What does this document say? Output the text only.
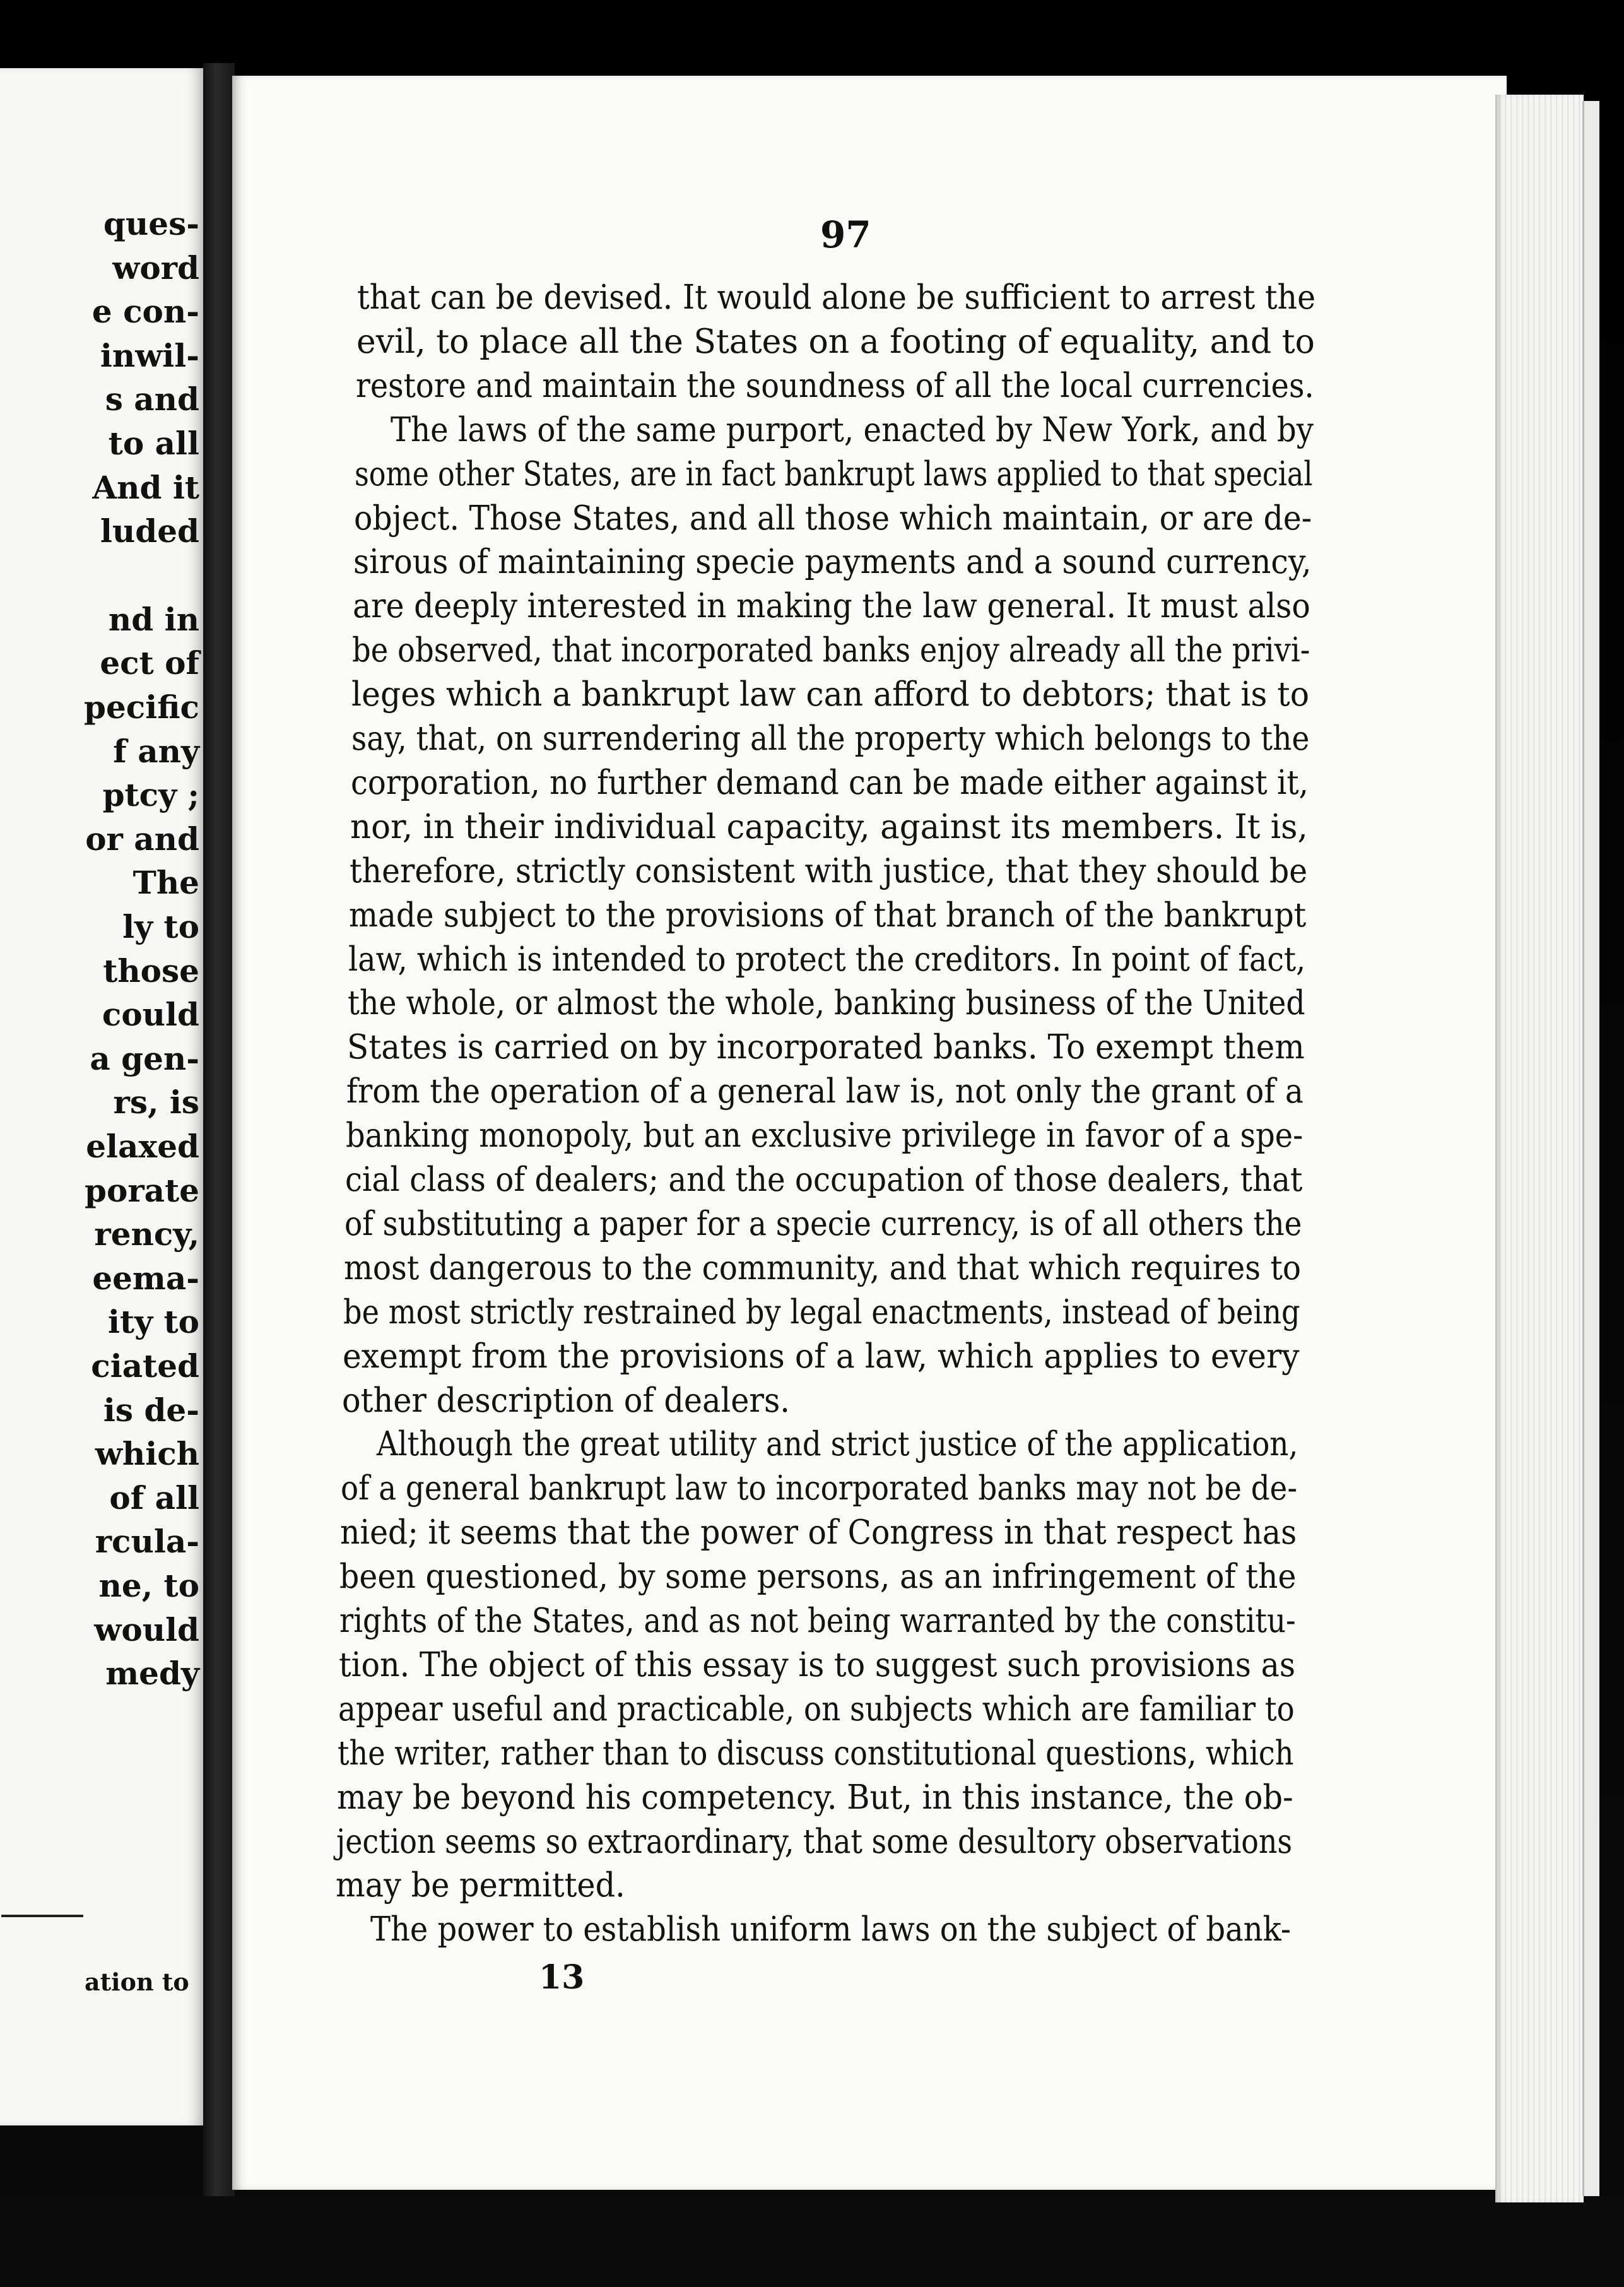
ques-
word
e con-
inwil-
s and
to all
And it
luded
nd in
ect of
pecific
f any
ptcy ;
or and
The
ly to
those
could
a gen-
rs, is
elaxed
porate
rency,
eema-
ity to
ciated
is de-
which
of all
rcula-
ne, to
would
medy
ation to
97
that can be devised. It would alone be sufficient to arrest the
evil, to place all the States on a footing of equality, and to
restore and maintain the soundness of all the local currencies.
The laws of the same purport, enacted by New York, and by
some other States, are in fact bankrupt laws applied to that special
object. Those States, and all those which maintain, or are de-
sirous of maintaining specie payments and a sound currency,
are deeply interested in making the law general. It must also
be observed, that incorporated banks enjoy already all the privi-
leges which a bankrupt law can afford to debtors; that is to
say, that, on surrendering all the property which belongs to the
corporation, no further demand can be made either against it,
nor, in their individual capacity, against its members. It is,
therefore, strictly consistent with justice, that they should be
made subject to the provisions of that branch of the bankrupt
law, which is intended to protect the creditors. In point of fact,
the whole, or almost the whole, banking business of the United
States is carried on by incorporated banks. To exempt them
from the operation of a general law is, not only the grant of a
banking monopoly, but an exclusive privilege in favor of a spe-
cial class of dealers; and the occupation of those dealers, that
of substituting a paper for a specie currency, is of all others the
most dangerous to the community, and that which requires to
be most strictly restrained by legal enactments, instead of being
exempt from the provisions of a law, which applies to every
other description of dealers.
Although the great utility and strict justice of the application,
of a general bankrupt law to incorporated banks may not be de-
nied; it seems that the power of Congress in that respect has
been questioned, by some persons, as an infringement of the
rights of the States, and as not being warranted by the constitu-
tion. The object of this essay is to suggest such provisions as
appear useful and practicable, on subjects which are familiar to
the writer, rather than to discuss constitutional questions, which
may be beyond his competency. But, in this instance, the ob-
jection seems so extraordinary, that some desultory observations
may be permitted.
The power to establish uniform laws on the subject of bank-
13
